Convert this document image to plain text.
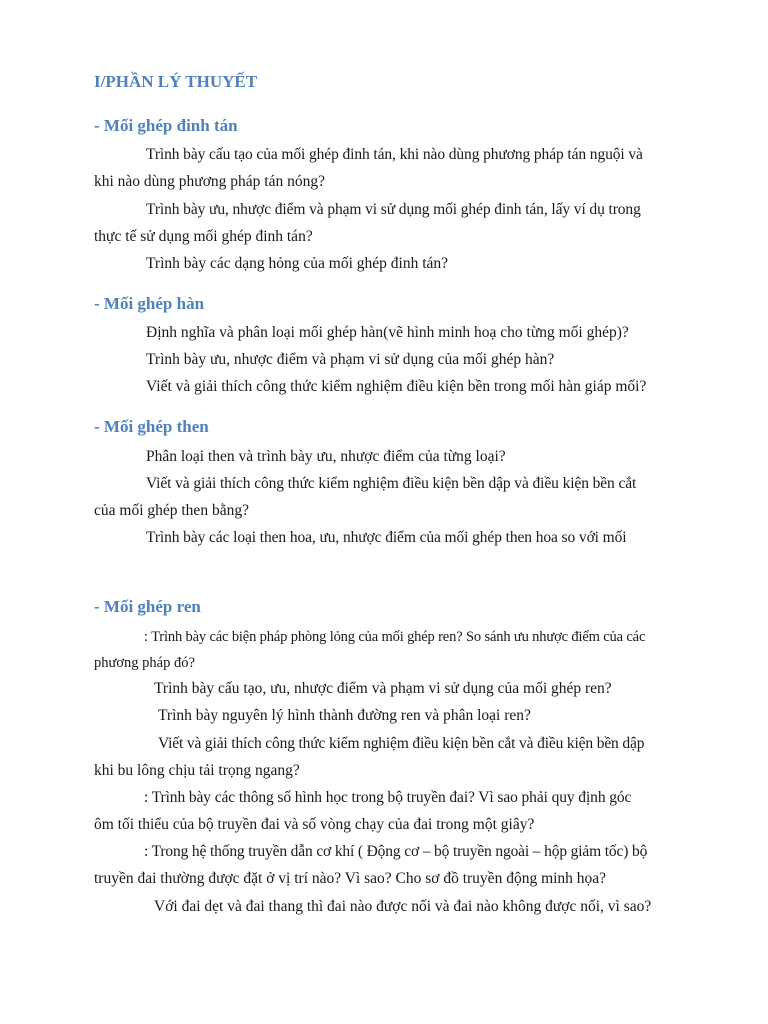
I/PHẦN LÝ THUYẾT
- Mối ghép đinh tán
Trình bày cấu tạo của mối ghép đinh tán, khi nào dùng phương pháp tán nguội và
khi nào dùng phương pháp tán nóng?
Trình bày ưu, nhược điểm và phạm vi sử dụng mối ghép đinh tán, lấy ví dụ trong
thực tế sử dụng mối ghép đinh tán?
Trình bày các dạng hỏng của mối ghép đinh tán?
- Mối ghép hàn
Định nghĩa và phân loại mối ghép hàn(vẽ hình minh hoạ cho từng mối ghép)?
Trình bày ưu, nhược điểm và phạm vi sử dụng của mối ghép hàn?
Viết và giải thích công thức kiểm nghiệm điều kiện bền trong mối hàn giáp mối?
- Mối ghép then
Phân loại then và trình bày ưu, nhược điểm của từng loại?
Viết và giải thích công thức kiểm nghiệm điều kiện bền dập và điều kiện bền cắt
của mối ghép then bằng?
Trình bày các loại then hoa, ưu, nhược điểm của mối ghép then hoa so với mối
- Mối ghép ren
: Trình bày các biện pháp phòng lỏng của mối ghép ren? So sánh ưu nhược điểm của các
phương pháp đó?
Trình bày cấu tạo, ưu, nhược điểm và phạm vi sử dụng của mối ghép ren?
Trình bày nguyên lý hình thành đường ren và phân loại ren?
Viết và giải thích công thức kiểm nghiệm điều kiện bền cắt và điều kiện bền dập
khi bu lông chịu tải trọng ngang?
: Trình bày các thông số hình học trong bộ truyền đai? Vì sao phải quy định góc
ôm tối thiểu của bộ truyền đai và số vòng chạy của đai trong một giây?
: Trong hệ thống truyền dẫn cơ khí ( Động cơ – bộ truyền ngoài – hộp giảm tốc) bộ
truyền đai thường được đặt ở vị trí nào? Vì sao? Cho sơ đồ truyền động minh họa?
Với đai dẹt và đai thang thì đai nào được nối và đai nào không được nối, vì sao?
